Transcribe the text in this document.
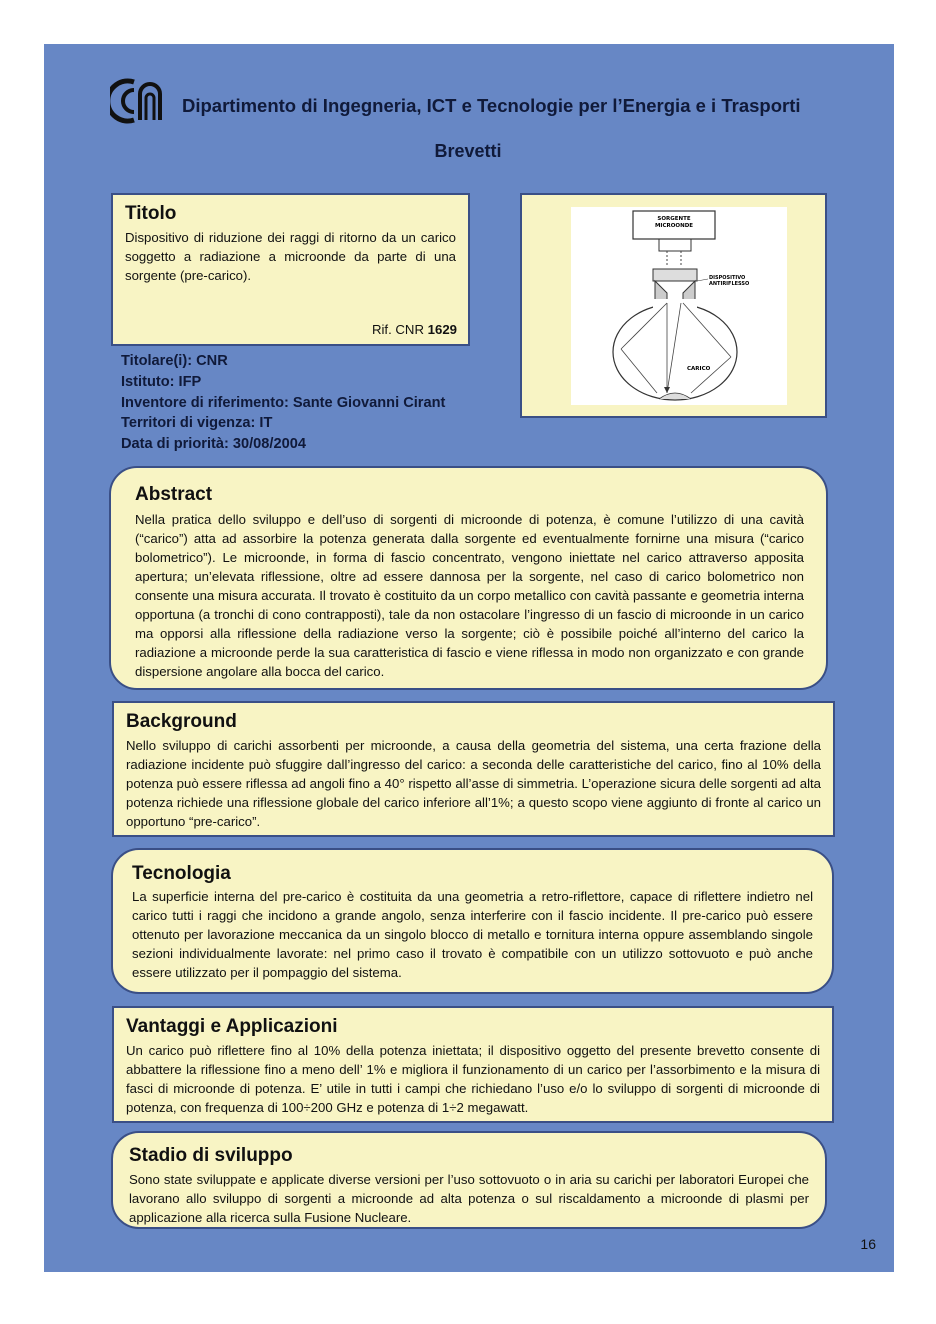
Dipartimento di Ingegneria, ICT e Tecnologie per l’Energia e i Trasporti
Brevetti
Titolo

Dispositivo di riduzione dei raggi di ritorno da un carico soggetto a radiazione a microonde da parte di una sorgente (pre-carico).

Rif. CNR 1629
SORGENTE
MICROONDE
DISPOSITIVO
ANTIRIFLESSO
CARICO
Titolare(i): CNR
Istituto: IFP
Inventore di riferimento: Sante Giovanni Cirant
Territori di vigenza: IT
Data di priorità: 30/08/2004
Abstract

Nella pratica dello sviluppo e dell’uso di sorgenti di microonde di potenza, è comune l’utilizzo di una cavità (“carico”) atta ad assorbire la potenza generata dalla sorgente ed eventualmente fornirne una misura (“carico bolometrico”). Le microonde, in forma di fascio concentrato, vengono iniettate nel carico attraverso apposita apertura; un’elevata riflessione, oltre ad essere dannosa per la sorgente, nel caso di carico bolometrico non consente una misura accurata. Il trovato è costituito da un corpo metallico con cavità passante e geometria interna opportuna (a tronchi di cono contrapposti), tale da non ostacolare l’ingresso di un fascio di microonde in un carico ma opporsi alla riflessione della radiazione verso la sorgente; ciò è possibile poiché all’interno del carico la radiazione a microonde perde la sua caratteristica di fascio e viene riflessa in modo non organizzato e con grande dispersione angolare alla bocca del carico.

Background

Nello sviluppo di carichi assorbenti per microonde, a causa della geometria del sistema, una certa frazione della radiazione incidente può sfuggire dall’ingresso del carico: a seconda delle caratteristiche del carico, fino al 10% della potenza può essere riflessa ad angoli fino a 40° rispetto all’asse di simmetria. L’operazione sicura delle sorgenti ad alta potenza richiede una riflessione globale del carico inferiore all’1%; a questo scopo viene aggiunto di fronte al carico un opportuno “pre-carico”.

Tecnologia

La superficie interna del pre-carico è costituita da una geometria a retro-riflettore, capace di riflettere indietro nel carico tutti i raggi che incidono a grande angolo, senza interferire con il fascio incidente. Il pre-carico può essere ottenuto per lavorazione meccanica da un singolo blocco di metallo e tornitura interna oppure assemblando singole sezioni individualmente lavorate: nel primo caso il trovato è compatibile con un utilizzo sottovuoto e può anche essere utilizzato per il pompaggio del sistema.

Vantaggi e Applicazioni

Un carico può riflettere fino al 10% della potenza iniettata; il dispositivo oggetto del presente brevetto consente di abbattere la riflessione fino a meno dell’ 1% e migliora il funzionamento di un carico per l’assorbimento e la misura di fasci di microonde di potenza. E’ utile in tutti i campi che richiedano l’uso e/o lo sviluppo di sorgenti di microonde di potenza, con frequenza di 100÷200 GHz e potenza di 1÷2 megawatt.

Stadio di sviluppo

Sono state sviluppate e applicate diverse versioni per l’uso sottovuoto o in aria su carichi per laboratori Europei che lavorano allo sviluppo di sorgenti a microonde ad alta potenza o sul riscaldamento a microonde di plasmi per applicazione alla ricerca sulla Fusione Nucleare.

16
